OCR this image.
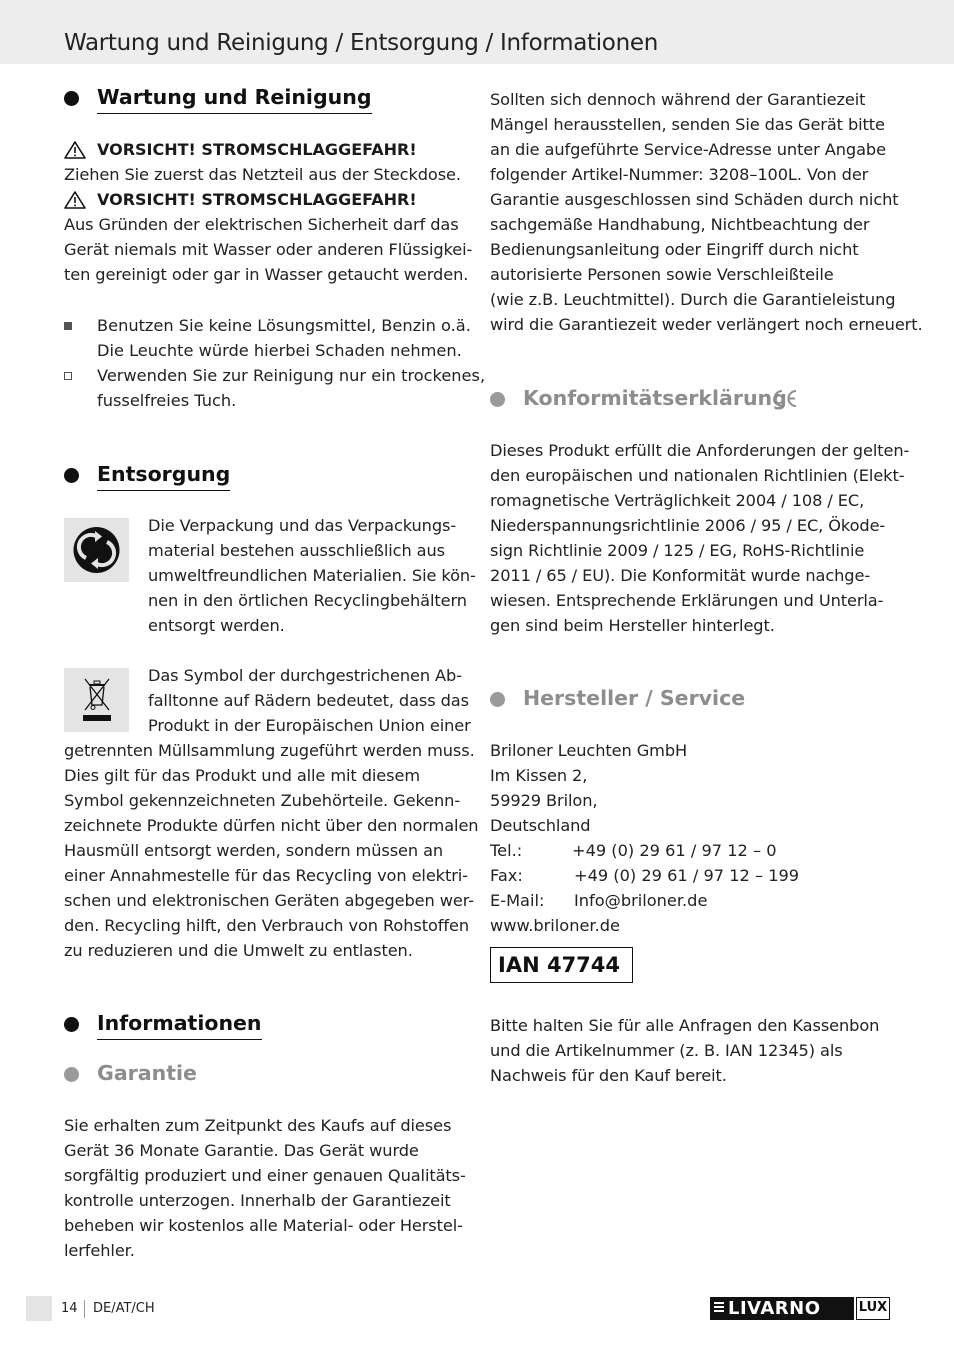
Wartung und Reinigung / Entsorgung / Informationen
Wartung und Reinigung
VORSICHT! STROMSCHLAGGEFAHR!
Ziehen Sie zuerst das Netzteil aus der Steckdose.
VORSICHT! STROMSCHLAGGEFAHR!
Aus Gründen der elektrischen Sicherheit darf das
Gerät niemals mit Wasser oder anderen Flüssigkei-
ten gereinigt oder gar in Wasser getaucht werden.
Benutzen Sie keine Lösungsmittel, Benzin o.ä.
Die Leuchte würde hierbei Schaden nehmen.
Verwenden Sie zur Reinigung nur ein trockenes,
fusselfreies Tuch.
Entsorgung
Die Verpackung und das Verpackungs-
material bestehen ausschließlich aus
umweltfreundlichen Materialien. Sie kön-
nen in den örtlichen Recyclingbehältern
entsorgt werden.
Das Symbol der durchgestrichenen Ab-
falltonne auf Rädern bedeutet, dass das
Produkt in der Europäischen Union einer
getrennten Müllsammlung zugeführt werden muss.
Dies gilt für das Produkt und alle mit diesem
Symbol gekennzeichneten Zubehörteile. Gekenn-
zeichnete Produkte dürfen nicht über den normalen
Hausmüll entsorgt werden, sondern müssen an
einer Annahmestelle für das Recycling von elektri-
schen und elektronischen Geräten abgegeben wer-
den. Recycling hilft, den Verbrauch von Rohstoffen
zu reduzieren und die Umwelt zu entlasten.
Informationen
Garantie
Sie erhalten zum Zeitpunkt des Kaufs auf dieses
Gerät 36 Monate Garantie. Das Gerät wurde
sorgfältig produziert und einer genauen Qualitäts-
kontrolle unterzogen. Innerhalb der Garantiezeit
beheben wir kostenlos alle Material- oder Herstel-
lerfehler.
Sollten sich dennoch während der Garantiezeit
Mängel herausstellen, senden Sie das Gerät bitte
an die aufgeführte Service-Adresse unter Angabe
folgender Artikel-Nummer: 3208–100L. Von der
Garantie ausgeschlossen sind Schäden durch nicht
sachgemäße Handhabung, Nichtbeachtung der
Bedienungsanleitung oder Eingriff durch nicht
autorisierte Personen sowie Verschleißteile
(wie z.B. Leuchtmittel). Durch die Garantieleistung
wird die Garantiezeit weder verlängert noch erneuert.
Konformitätserklärung
Dieses Produkt erfüllt die Anforderungen der gelten-
den europäischen und nationalen Richtlinien (Elekt-
romagnetische Verträglichkeit 2004 / 108 / EC,
Niederspannungsrichtlinie 2006 / 95 / EC, Ökode-
sign Richtlinie 2009 / 125 / EG, RoHS-Richtlinie
2011 / 65 / EU). Die Konformität wurde nachge-
wiesen. Entsprechende Erklärungen und Unterla-
gen sind beim Hersteller hinterlegt.
Hersteller / Service
Briloner Leuchten GmbH
Im Kissen 2,
59929 Brilon,
Deutschland
Tel.:	+49 (0) 29 61 / 97 12 – 0
Fax:	+49 (0) 29 61 / 97 12 – 199
E-Mail: Info@briloner.de
www.briloner.de
IAN 47744
Bitte halten Sie für alle Anfragen den Kassenbon
und die Artikelnummer (z. B. IAN 12345) als
Nachweis für den Kauf bereit.
14 DE/AT/CH	LIVARNO	LUX
